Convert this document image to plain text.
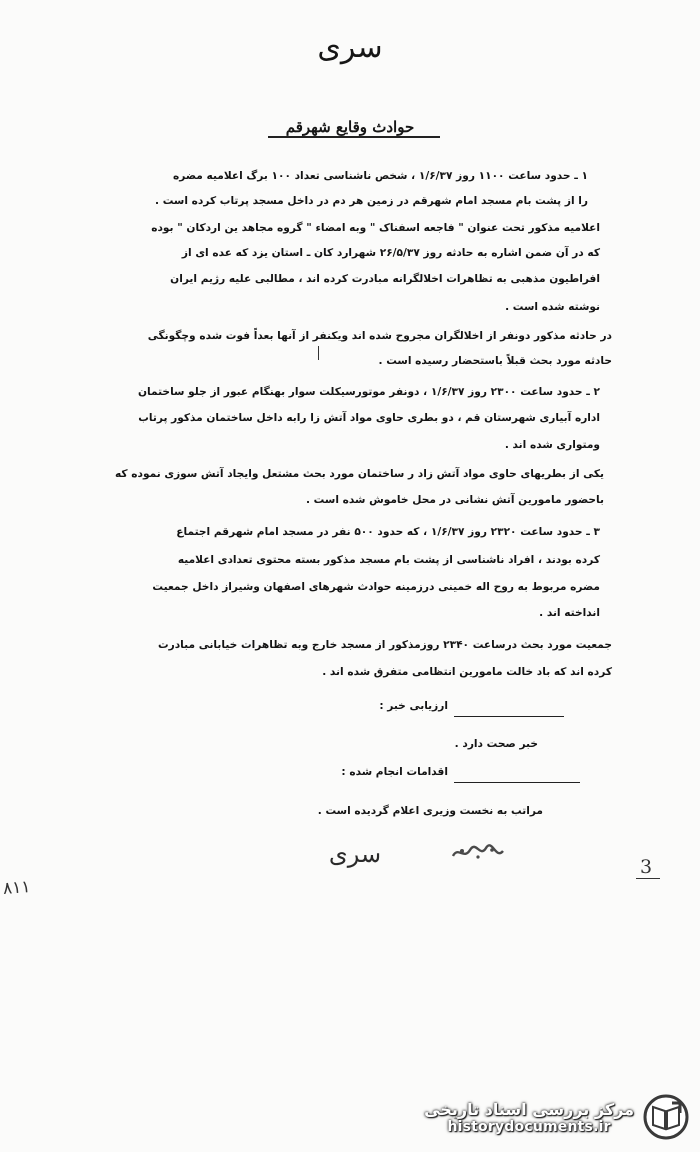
سری
حوادث وقایع شهرقم
۱ ـ حدود ساعت ۱۱۰۰ روز ۱/۶/۳۷ ، شخص ناشناسی تعداد ۱۰۰ برگ اعلامیه مضره
را از پشت بام مسجد امام شهرقم در زمین هر دم در داخل مسجد پرتاب کرده است .
اعلامیه مذکور تحت عنوان " فاجعه اسفناک " وبه امضاء " گروه مجاهد ین اردکان " بوده
که در آن ضمن اشاره به حادثه روز ۲۶/۵/۳۷ شهرارد کان ـ استان یزد که عده ای از
افراطیون مذهبی به تظاهرات اخلالگرانه مبادرت کرده اند ، مطالبی علیه رژیم ایران
نوشته شده است .
در حادثه مذکور دونفر از اخلالگران مجروح شده اند ویکنفر از آنها بعداً فوت شده وچگونگی
حادثه مورد بحث قبلاً باستحضار رسیده است .
۲ ـ حدود ساعت ۲۳۰۰ روز ۱/۶/۳۷ ، دونفر موتورسیکلت سوار بهنگام عبور از جلو ساختمان
اداره آبیاری شهرستان قم ، دو بطری حاوی مواد آتش زا رابه داخل ساختمان مذکور پرتاب
ومتواری شده اند .
یکی از بطریهای حاوی مواد آتش زاد ر ساختمان مورد بحث مشتعل وایجاد آتش سوزی نموده که
باحضور مامورین آتش نشانی در محل خاموش شده است .
۳ ـ حدود ساعت ۲۳۲۰ روز ۱/۶/۳۷ ، که حدود ۵۰۰ نفر در مسجد امام شهرقم اجتماع
کرده بودند ، افراد ناشناسی از پشت بام مسجد مذکور بسته محتوی تعدادی اعلامیه
مضره مربوط به روح اله خمینی درزمینه حوادث شهرهای اصفهان وشیراز داخل جمعیت
انداخته اند .
جمعیت مورد بحث درساعت ۲۳۴۰ روزمذکور از مسجد خارج وبه تظاهرات خیابانی مبادرت
کرده اند که باد خالت مامورین انتظامی متفرق شده اند .
ارزیابی خبر :
خبر صحت دارد .
اقدامات انجام شده :
مراتب به نخست وزیری اعلام گردیده است .
سری
۸۱۱
3
مرکز بررسی اسناد تاریخی
historydocuments.ir
